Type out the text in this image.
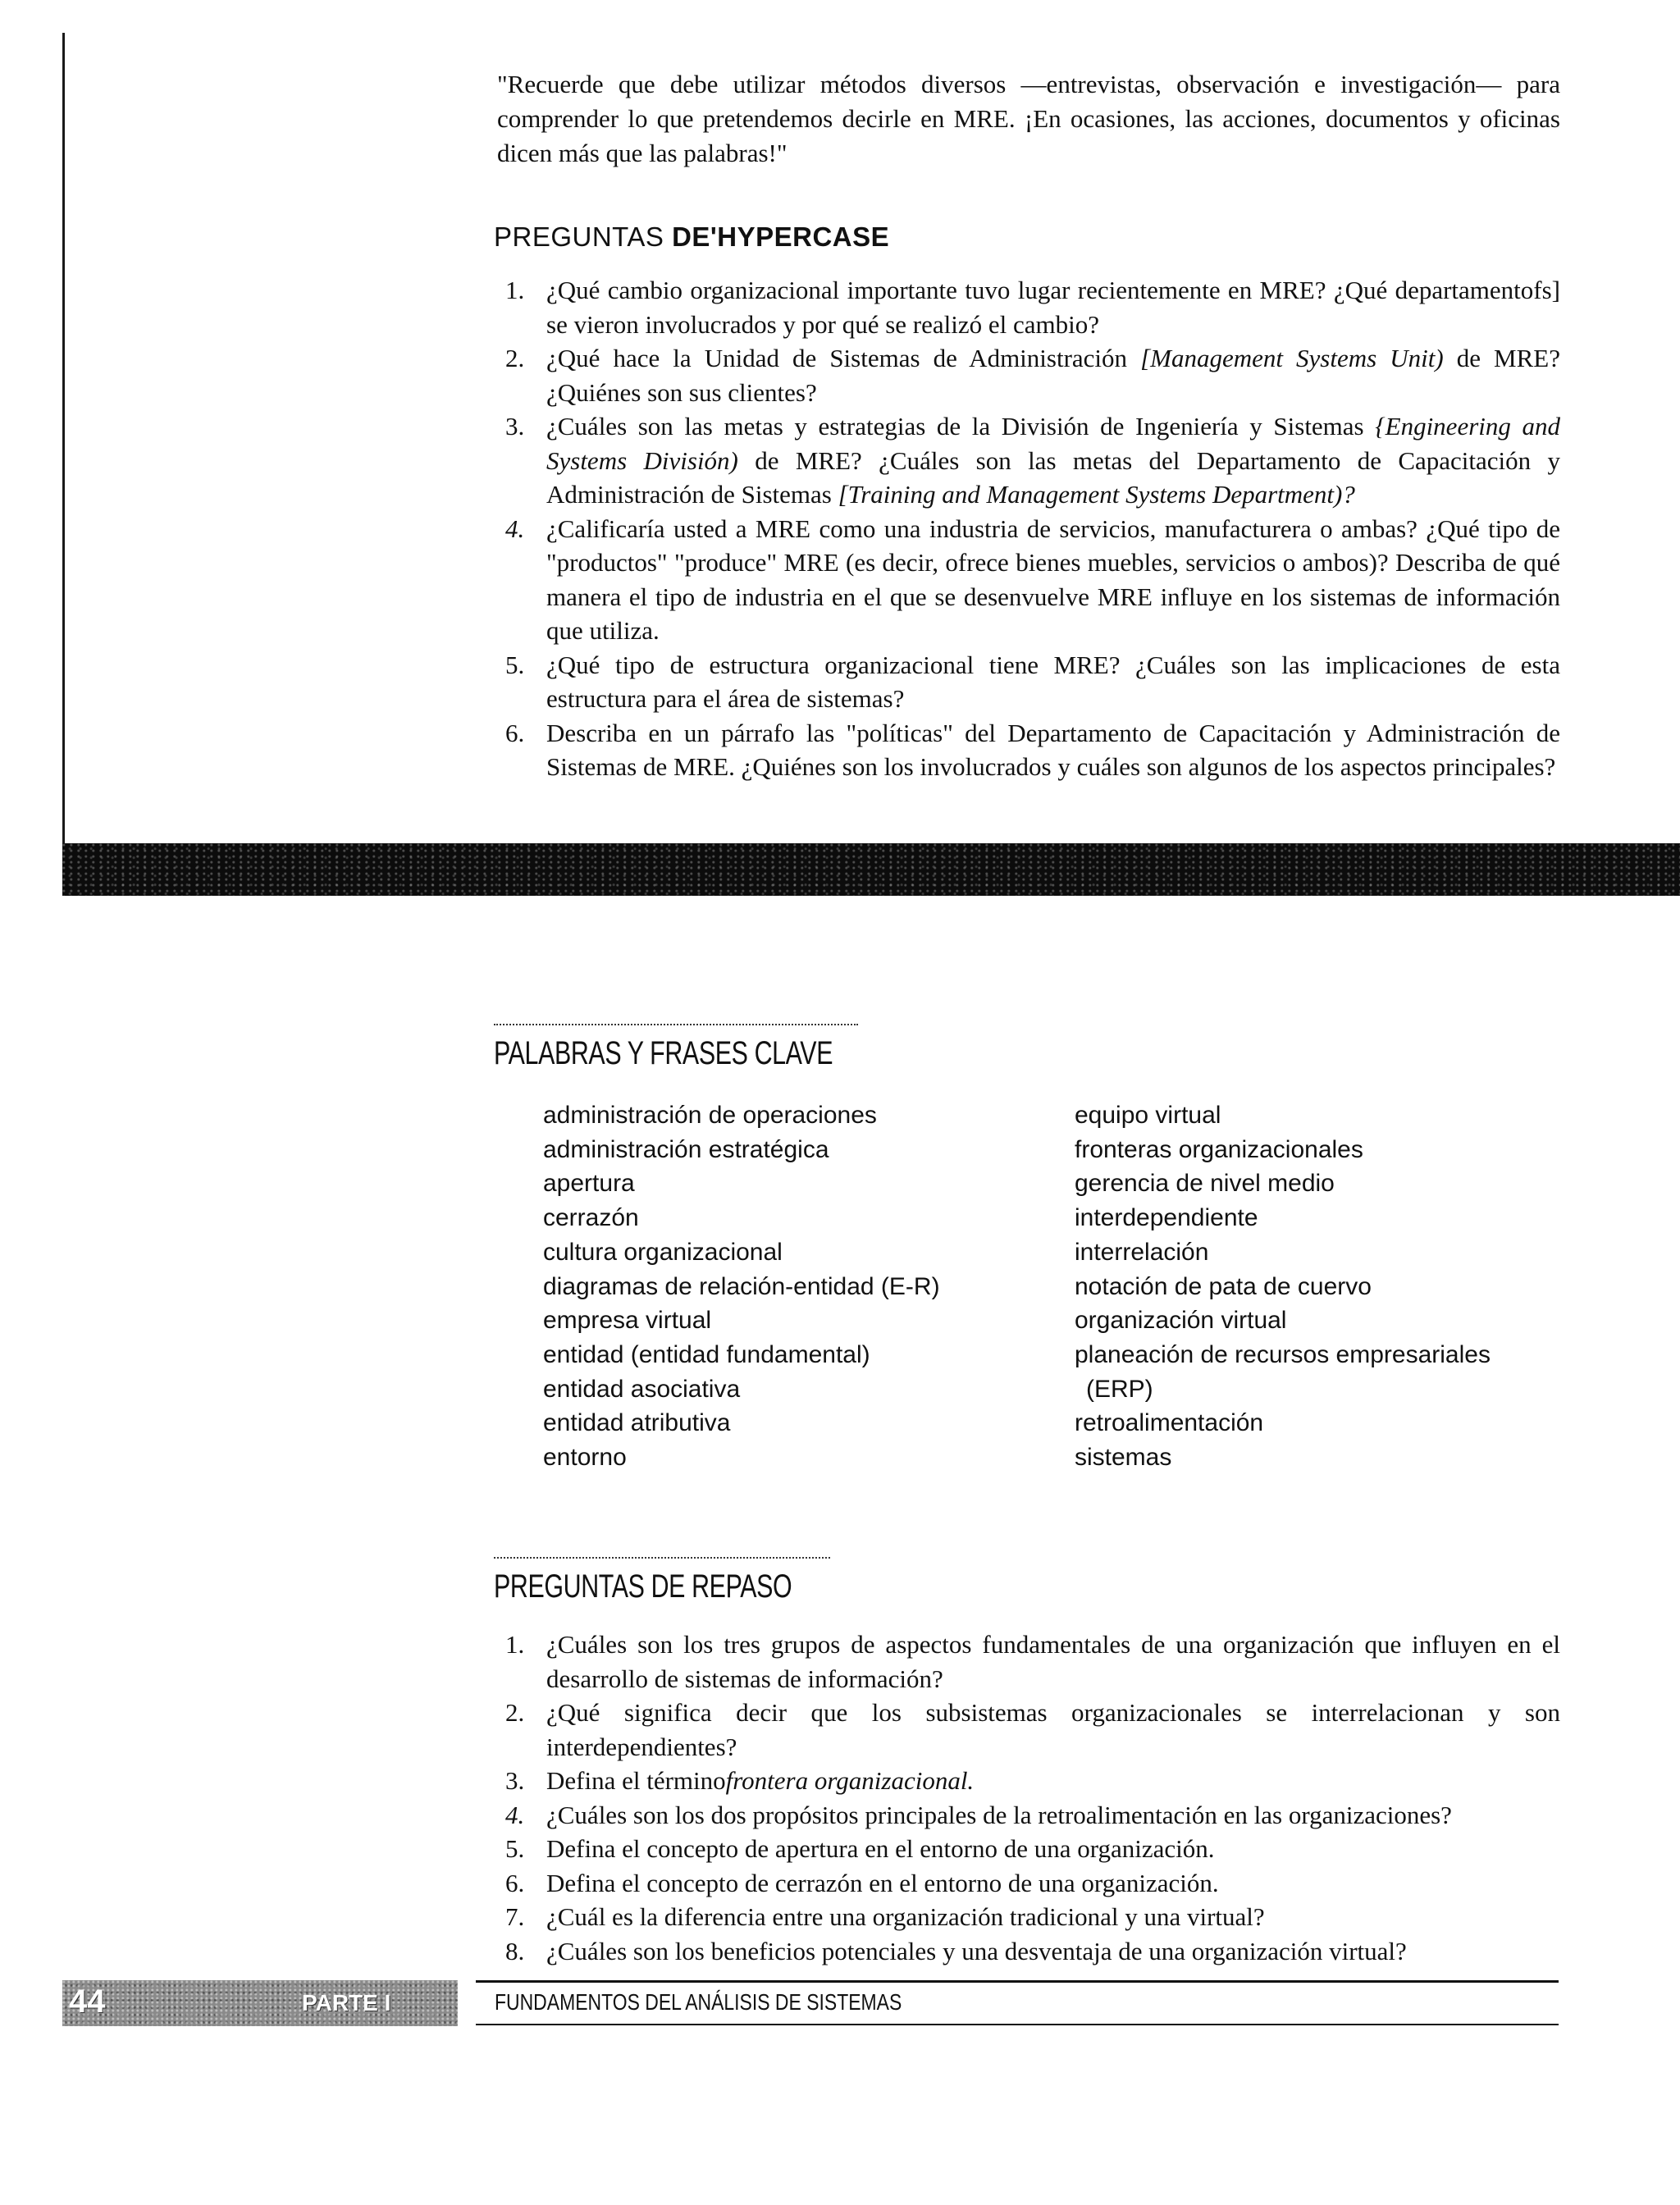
"Recuerde que debe utilizar métodos diversos —entrevistas, observación e investigación— para comprender lo que pretendemos decirle en MRE. ¡En ocasiones, las acciones, documentos y oficinas dicen más que las palabras!"

PREGUNTAS DE'HYPERCASE
1. ¿Qué cambio organizacional importante tuvo lugar recientemente en MRE? ¿Qué departamentofs] se vieron involucrados y por qué se realizó el cambio?
2. ¿Qué hace la Unidad de Sistemas de Administración [Management Systems Unit) de MRE? ¿Quiénes son sus clientes?
3. ¿Cuáles son las metas y estrategias de la División de Ingeniería y Sistemas {Engineering and Systems División) de MRE? ¿Cuáles son las metas del Departamento de Capacitación y Administración de Sistemas [Training and Management Systems Department)?
4. ¿Calificaría usted a MRE como una industria de servicios, manufacturera o ambas? ¿Qué tipo de "productos" "produce" MRE (es decir, ofrece bienes muebles, servicios o ambos)? Describa de qué manera el tipo de industria en el que se desenvuelve MRE influye en los sistemas de información que utiliza.
5. ¿Qué tipo de estructura organizacional tiene MRE? ¿Cuáles son las implicaciones de esta estructura para el área de sistemas?
6. Describa en un párrafo las "políticas" del Departamento de Capacitación y Administración de Sistemas de MRE. ¿Quiénes son los involucrados y cuáles son algunos de los aspectos principales?
PALABRAS Y FRASES CLAVE
administración de operaciones
administración estratégica
apertura
cerrazón
cultura organizacional
diagramas de relación-entidad (E-R)
empresa virtual
entidad (entidad fundamental)
entidad asociativa
entidad atributiva
entorno
equipo virtual
fronteras organizacionales
gerencia de nivel medio
interdependiente
interrelación
notación de pata de cuervo
organización virtual
planeación de recursos empresariales
(ERP)
retroalimentación
sistemas
PREGUNTAS DE REPASO
1. ¿Cuáles son los tres grupos de aspectos fundamentales de una organización que influyen en el desarrollo de sistemas de información?
2. ¿Qué significa decir que los subsistemas organizacionales se interrelacionan y son interdependientes?
3. Defina el términofrontera organizacional.
4. ¿Cuáles son los dos propósitos principales de la retroalimentación en las organizaciones?
5. Defina el concepto de apertura en el entorno de una organización.
6. Defina el concepto de cerrazón en el entorno de una organización.
7. ¿Cuál es la diferencia entre una organización tradicional y una virtual?
8. ¿Cuáles son los beneficios potenciales y una desventaja de una organización virtual?
44	PARTE I	FUNDAMENTOS DEL ANÁLISIS DE SISTEMAS
